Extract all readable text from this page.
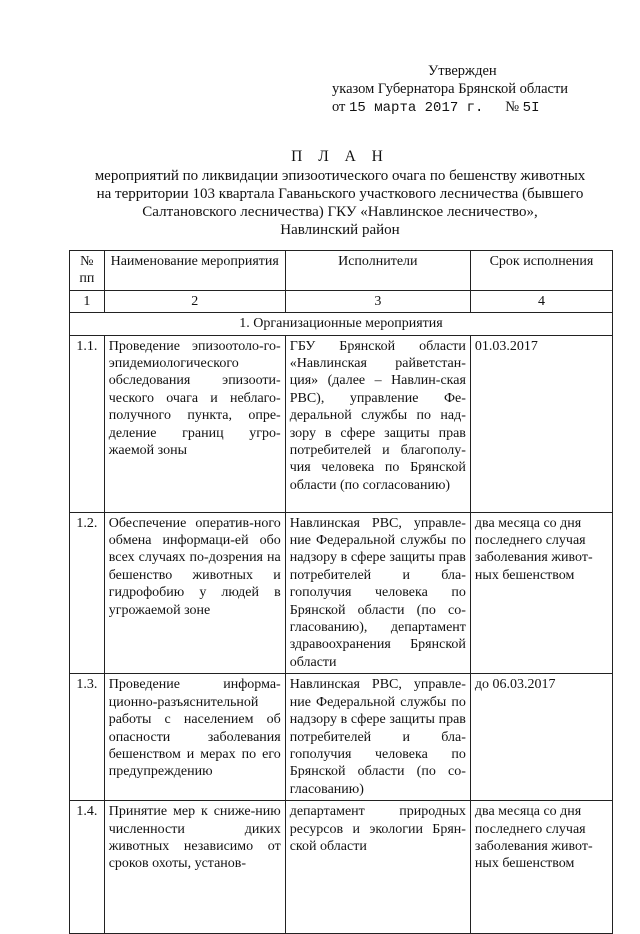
Утвержден
указом Губернатора Брянской области
от 15 марта 2017 г. № 5I
П Л А Н
мероприятий по ликвидации эпизоотического очага по бешенству животных
на территории 103 квартала Гаваньского участкового лесничества (бывшего
Салтановского лесничества) ГКУ «Навлинское лесничество»,
Навлинский район
№ пп	Наименование мероприятия	Исполнители	Срок исполнения
1	2	3	4
1. Организационные мероприятия			
1.1.	Проведение эпизоотоло-го-эпидемиологического обследования эпизооти-ческого очага и неблаго-получного пункта, опре-деление границ угро-жаемой зоны	ГБУ Брянской области «Навлинская райветстан-ция» (далее – Навлин-ская РВС), управление Фе-деральной службы по над-зору в сфере защиты прав потребителей и благополу-чия человека по Брянской области (по согласованию)	01.03.2017
1.2.	Обеспечение оператив-ного обмена информаци-ей обо всех случаях по-дозрения на бешенство животных и гидрофобию у людей в угрожаемой зоне	Навлинская РВС, управле-ние Федеральной службы по надзору в сфере защиты прав потребителей и бла-гополучия человека по Брянской области (по со-гласованию), департамент здравоохранения Брянской области	два месяца со дня последнего случая заболевания живот-ных бешенством
1.3.	Проведение информа-ционно-разъяснительной работы с населением об опасности заболевания бешенством и мерах по его предупреждению	Навлинская РВС, управле-ние Федеральной службы по надзору в сфере защиты прав потребителей и бла-гополучия человека по Брянской области (по со-гласованию)	до 06.03.2017
1.4.	Принятие мер к сниже-нию численности диких животных независимо от сроков охоты, установ-	департамент природных ресурсов и экологии Брян-ской области	два месяца со дня последнего случая заболевания живот-ных бешенством
